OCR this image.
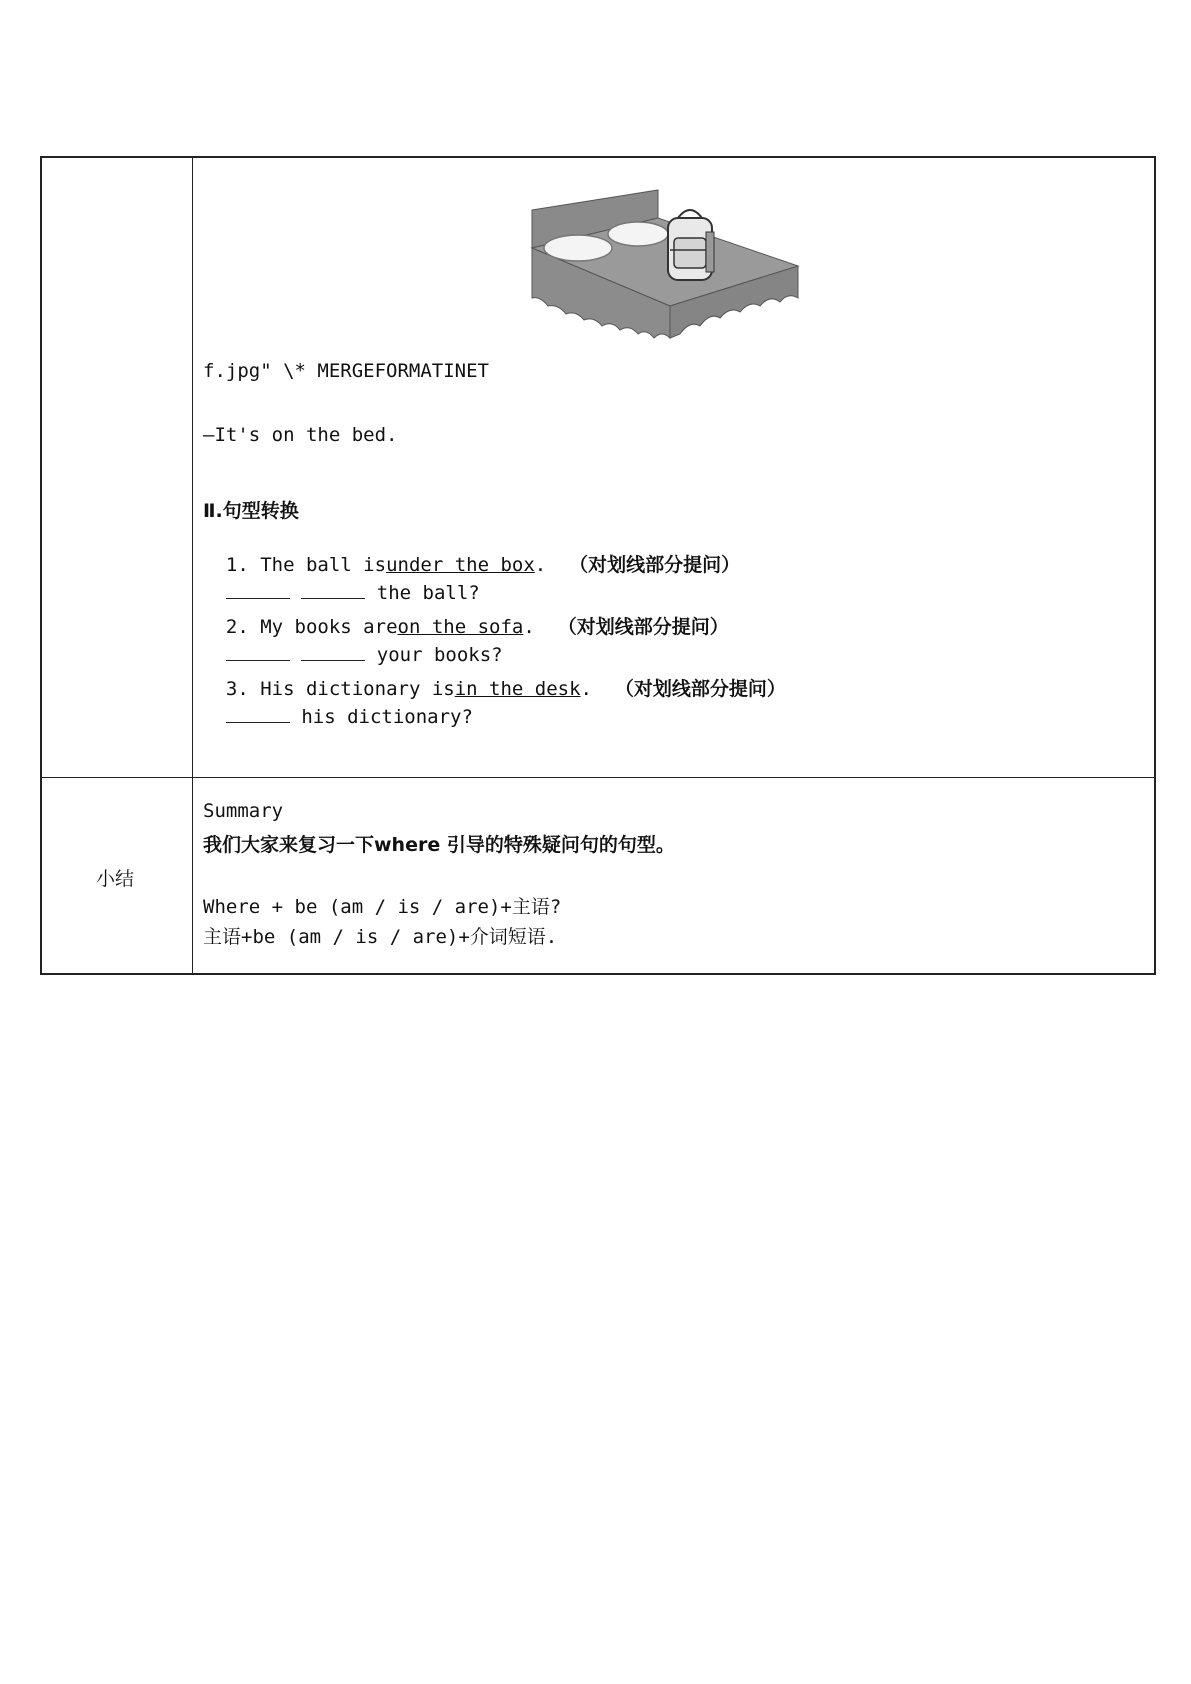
小结
f.jpg" \* MERGEFORMATINET
—It's on the bed.
Ⅱ.句型转换

1. The ball isunder the box. （对划线部分提问）

the ball?

2. My books areon the sofa. （对划线部分提问）

your books?

3. His dictionary isin the desk. （对划线部分提问）

his dictionary?

Summary
我们大家来复习一下where 引导的特殊疑问句的句型。
Where + be (am / is / are)+主语?
主语+be (am / is / are)+介词短语.
